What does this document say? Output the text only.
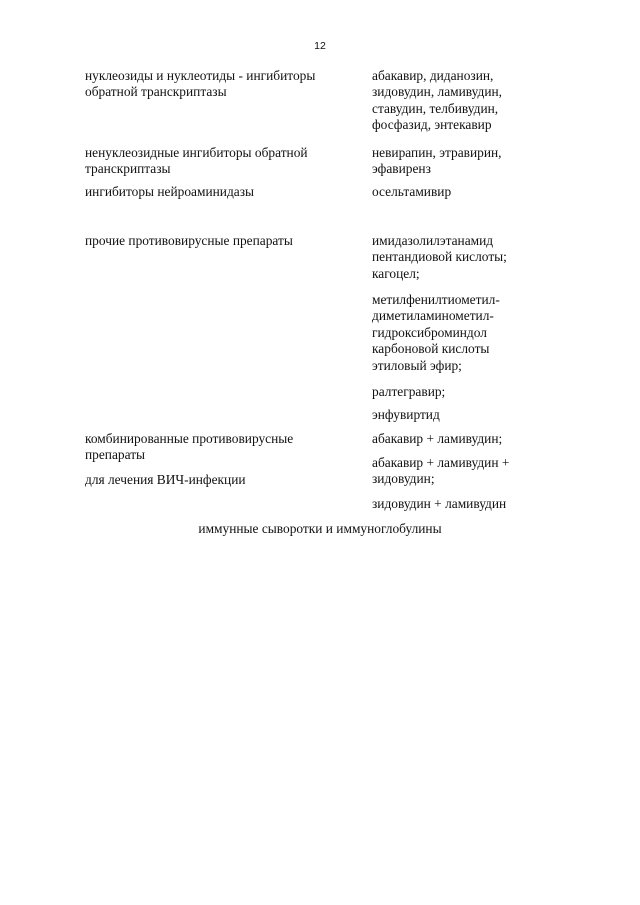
12

нуклеозиды и нуклеотиды - ингибиторы
обратной транскриптазы

абакавир, диданозин,
зидовудин, ламивудин,
ставудин, телбивудин,
фосфазид, энтекавир

ненуклеозидные ингибиторы обратной
транскриптазы

невирапин, этравирин,
эфавиренз

ингибиторы нейроаминидазы	осельтамивир

прочие противовирусные препараты	имидазолилэтанамид
пентандиовой кислоты;
кагоцел;

метилфенилтиометил-
диметиламинометил-
гидроксиброминдол
карбоновой кислоты
этиловый эфир;

ралтегравир;

энфувиртид

комбинированные противовирусные
препараты

для лечения ВИЧ-инфекции

абакавир + ламивудин;

абакавир + ламивудин +
зидовудин;

зидовудин + ламивудин

иммунные сыворотки и иммуноглобулины
